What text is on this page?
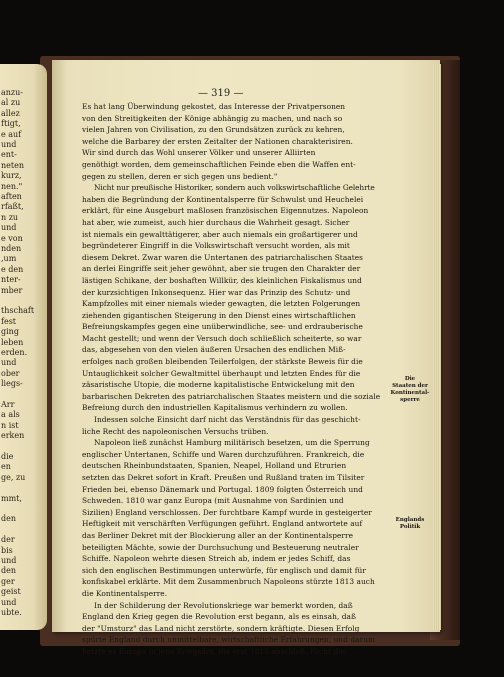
anzu-
al zu
allez
ftigt,
e auf
und
ent-
neten
kurz,
nen."
aften
rfaßt,
n zu
und
e von
nden
,um
e den
nter-
mber
thschaft
fest
ging
leben
erden.
und
ober
liegs-
Arr
a als
n ist
erken
die
en
ge, zu
mmt,
den
der
bis
und
den
ger
geist
und
ubte.
— 319 —
Es hat lang Überwindung gekostet, das Interesse der Privatpersonen
von den Streitigkeiten der Könige abhängig zu machen, und nach so
vielen Jahren von Civilisation, zu den Grundsätzen zurück zu kehren,
welche die Barbarey der ersten Zeitalter der Nationen charakterisiren.
Wir sind durch das Wohl unserer Völker und unserer Alliirten
genöthigt worden, dem gemeinschaftlichen Feinde eben die Waffen ent-
gegen zu stellen, deren er sich gegen uns bedient."
Nicht nur preußische Historiker, sondern auch volkswirtschaftliche Gelehrte
haben die Begründung der Kontinentalsperre für Schwulst und Heuchelei
erklärt, für eine Ausgeburt maßlosen französischen Eigennutzes. Napoleon
hat aber, wie zumeist, auch hier durchaus die Wahrheit gesagt. Sicher
ist niemals ein gewalttätigerer, aber auch niemals ein großartigerer und
begründeterer Eingriff in die Volkswirtschaft versucht worden, als mit
diesem Dekret. Zwar waren die Untertanen des patriarchalischen Staates
an derlei Eingriffe seit jeher gewöhnt, aber sie trugen den Charakter der
lästigen Schikane, der boshaften Willkür, des kleinlichen Fiskalismus und
der kurzsichtigen Inkonsequenz. Hier war das Prinzip des Schutz- und
Kampfzolles mit einer niemals wieder gewagten, die letzten Folgerungen
ziehenden gigantischen Steigerung in den Dienst eines wirtschaftlichen
Befreiungskampfes gegen eine unüberwindliche, see- und erdrauberische
Macht gestellt; und wenn der Versuch doch schließlich scheiterte, so war
das, abgesehen von den vielen äußeren Ursachen des endlichen Miß-
erfolges nach großen bleibenden Teilerfolgen, der stärkste Beweis für die
Untauglichkeit solcher Gewaltmittel überhaupt und letzten Endes für die
zäsaristische Utopie, die moderne kapitalistische Entwickelung mit den
barbarischen Dekreten des patriarchalischen Staates meistern und die soziale
Befreiung durch den industriellen Kapitalismus verhindern zu wollen.
Indessen solche Einsicht darf nicht das Verständnis für das geschicht-
liche Recht des napoleonischen Versuchs trüben.
Napoleon ließ zunächst Hamburg militärisch besetzen, um die Sperrung
englischer Untertanen, Schiffe und Waren durchzuführen. Frankreich, die
deutschen Rheinbundstaaten, Spanien, Neapel, Holland und Etrurien
setzten das Dekret sofort in Kraft. Preußen und Rußland traten im Tilsiter
Frieden bei, ebenso Dänemark und Portugal. 1809 folgten Österreich und
Schweden. 1810 war ganz Europa (mit Ausnahme von Sardinien und
Sizilien) England verschlossen. Der furchtbare Kampf wurde in gesteigerter
Heftigkeit mit verschärften Verfügungen geführt. England antwortete auf
das Berliner Dekret mit der Blockierung aller an der Kontinentalsperre
beteiligten Mächte, sowie der Durchsuchung und Besteuerung neutraler
Schiffe. Napoleon wehrte diesen Streich ab, indem er jedes Schiff, das
sich den englischen Bestimmungen unterwürfe, für englisch und damit für
konfiskabel erklärte. Mit dem Zusammenbruch Napoleons stürzte 1813 auch
die Kontinentalsperre.
In der Schilderung der Revolutionskriege war bemerkt worden, daß
England den Krieg gegen die Revolution erst begann, als es einsah, daß
der "Umsturz" das Land nicht zerstörte, sondern kräftigte. Diesen Erfolg
spürte England durch unmittelbare, wirtschaftliche Erfahrungen, und darum
hetzte es Europa in jene Kriegsära, die erst 1815 abschloß. Nicht die
Die
Staaten der
Kontinental-
sperre
Englands
Politik
